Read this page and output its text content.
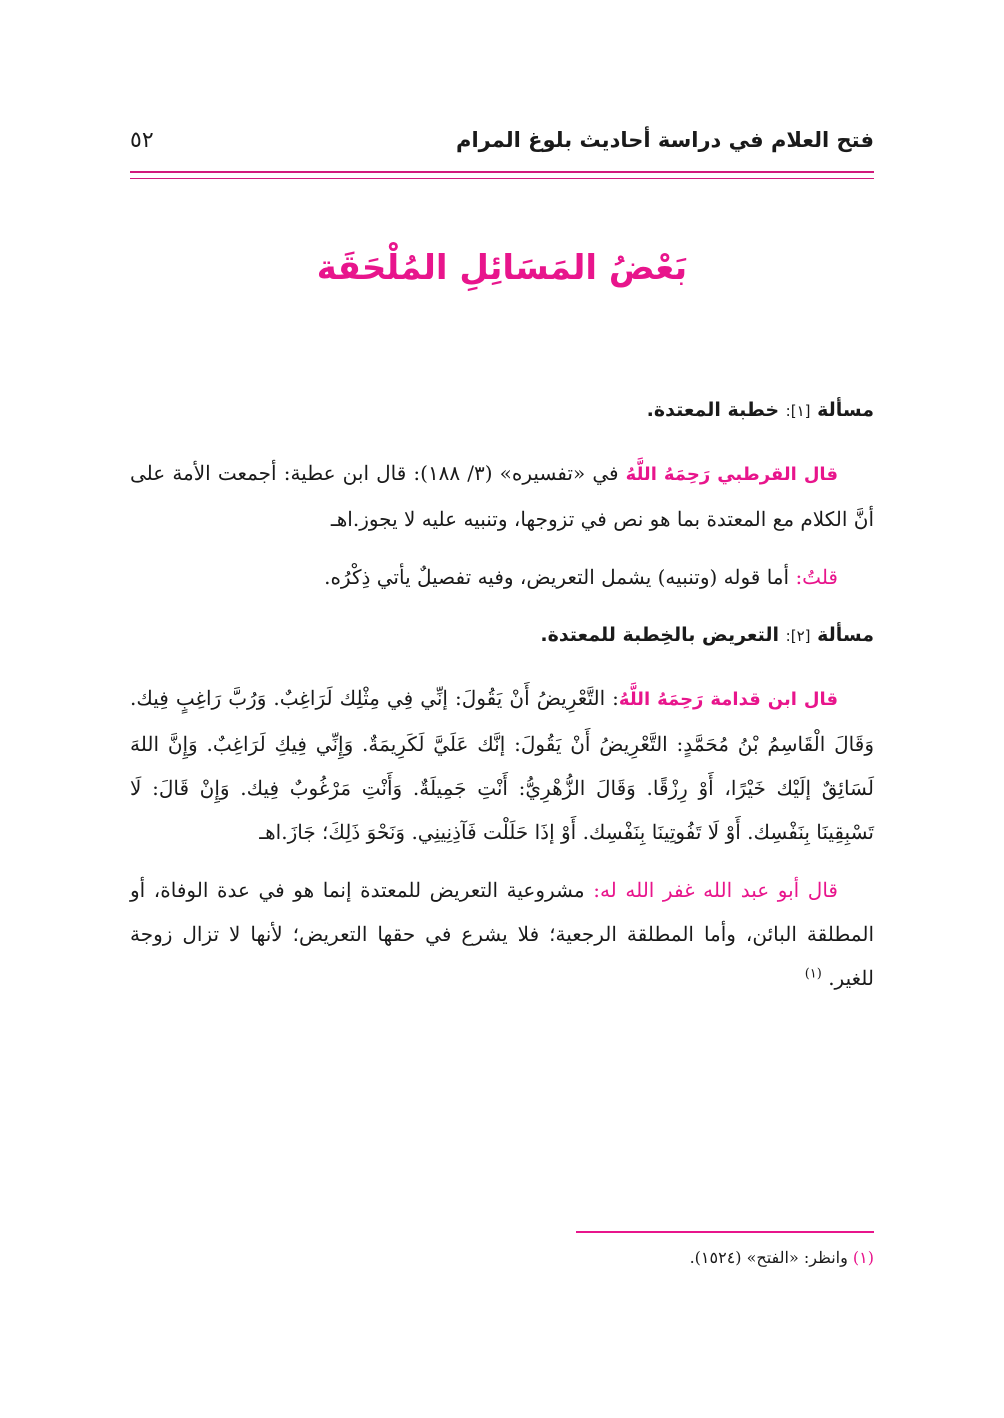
فتح العلام في دراسة أحاديث بلوغ المرام
٥٢
بَعْضُ المَسَائِلِ المُلْحَقَة
مسألة [١]: خطبة المعتدة.

قال القرطبي رَحِمَهُ اللَّهُ في «تفسيره» (٣/ ١٨٨): قال ابن عطية: أجمعت الأمة على أنَّ الكلام مع المعتدة بما هو نص في تزوجها، وتنبيه عليه لا يجوز.اهـ

قلتُ: أما قوله (وتنبيه) يشمل التعريض، وفيه تفصيلٌ يأتي ذِكْرُه.

مسألة [٢]: التعريض بالخِطبة للمعتدة.

قال ابن قدامة رَحِمَهُ اللَّهُ: التَّعْرِيضُ أَنْ يَقُولَ: إنِّي فِي مِثْلِك لَرَاغِبٌ. وَرُبَّ رَاغِبٍ فِيك. وَقَالَ الْقَاسِمُ بْنُ مُحَمَّدٍ: التَّعْرِيضُ أَنْ يَقُولَ: إنَّك عَلَيَّ لَكَرِيمَةٌ. وَإِنِّي فِيكِ لَرَاغِبٌ. وَإِنَّ اللهَ لَسَائِقٌ إلَيْك خَيْرًا، أَوْ رِزْقًا. وَقَالَ الزُّهْرِيُّ: أَنْتِ جَمِيلَةٌ. وَأَنْتِ مَرْغُوبٌ فِيك. وَإِنْ قَالَ: لَا تَسْبِقِينَا بِنَفْسِك. أَوْ لَا تَفُوتِينَا بِنَفْسِك. أَوْ إذَا حَلَلْت فَآذِنِينِي. وَنَحْوَ ذَلِكَ؛ جَازَ.اهـ

قال أبو عبد الله غفر الله له: مشروعية التعريض للمعتدة إنما هو في عدة الوفاة، أو المطلقة البائن، وأما المطلقة الرجعية؛ فلا يشرع في حقها التعريض؛ لأنها لا تزال زوجة للغير. $^{(١)}$

(١) وانظر: «الفتح» (١٥٢٤).
